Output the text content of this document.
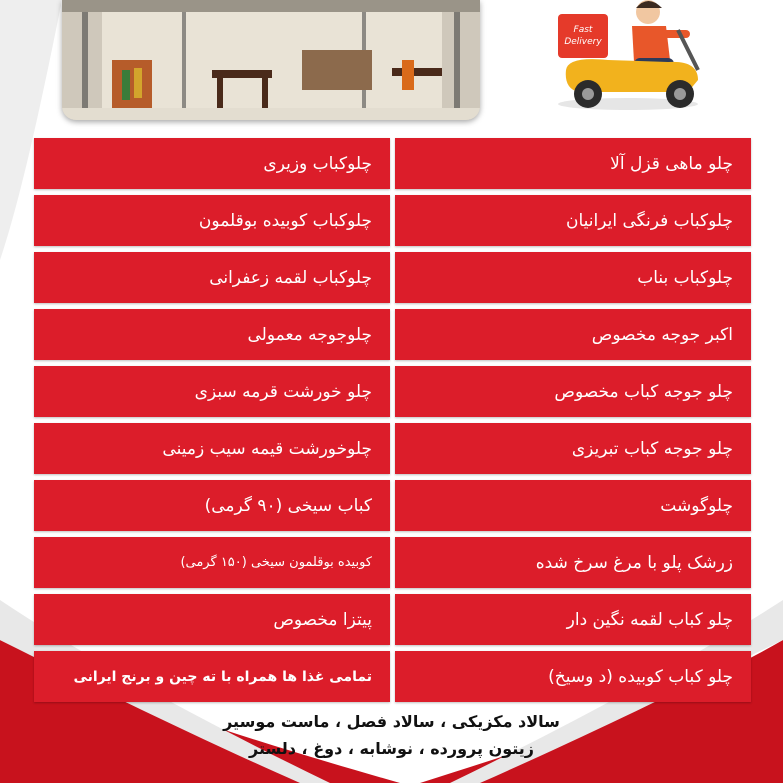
Fast
Delivery
چلوکباب وزیری	چلو ماهی قزل آلا
چلوکباب کوبیده بوقلمون	چلوکباب فرنگی ایرانیان
چلوکباب لقمه زعفرانی	چلوکباب بناب
چلوجوجه معمولی	اکبر جوجه مخصوص
چلو خورشت قرمه سبزی	چلو جوجه کباب مخصوص
چلوخورشت قیمه سیب زمینی	چلو جوجه کباب تبریزی
کباب سیخی (۹۰ گرمی)	چلوگوشت
کوبیده بوقلمون سیخی (۱۵۰ گرمی)	زرشک پلو با مرغ سرخ شده
پیتزا مخصوص	چلو کباب لقمه نگین دار
تمامی غذا ها همراه با ته چین و برنج ایرانی	چلو کباب کوبیده (د وسیخ)
سالاد مکزیکی ، سالاد فصل ، ماست موسیر
زیتون پرورده ، نوشابه ، دوغ ، دلستر
